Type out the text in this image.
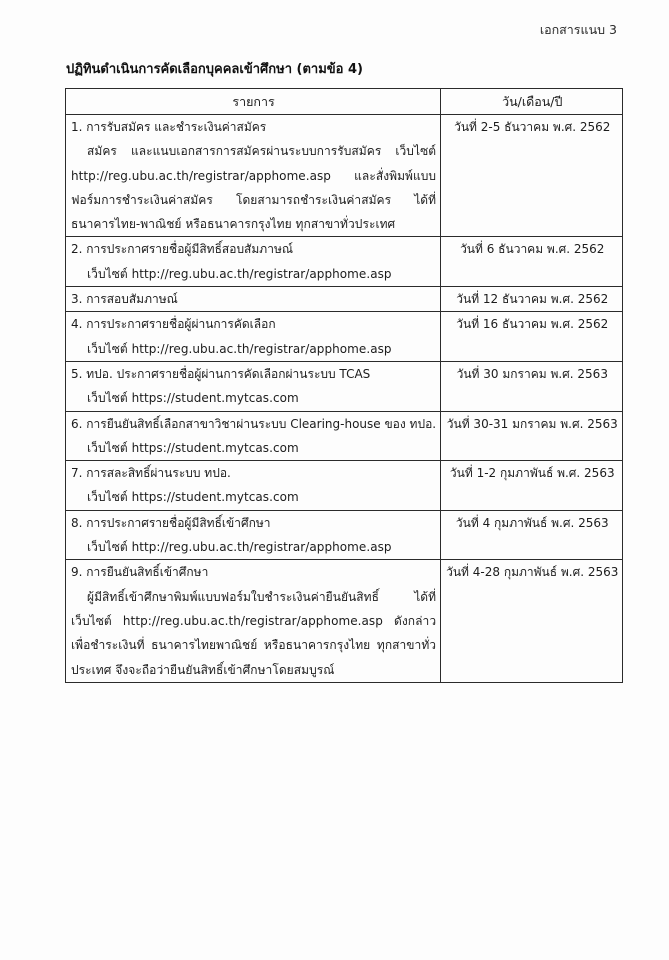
เอกสารแนบ 3
ปฏิทินดำเนินการคัดเลือกบุคคลเข้าศึกษา (ตามข้อ 4)
รายการ	วัน/เดือน/ปี

1. การรับสมัคร และชำระเงินค่าสมัคร
สมัคร และแนบเอกสารการสมัครผ่านระบบการรับสมัคร เว็บไซต์ http://reg.ubu.ac.th/registrar/apphome.asp และสั่งพิมพ์แบบฟอร์มการชำระเงินค่าสมัคร โดยสามารถชำระเงินค่าสมัคร ได้ที่ ธนาคารไทย-พาณิชย์ หรือธนาคารกรุงไทย ทุกสาขาทั่วประเทศ	วันที่ 2-5 ธันวาคม พ.ศ. 2562

2. การประกาศรายชื่อผู้มีสิทธิ์สอบสัมภาษณ์
เว็บไซต์ http://reg.ubu.ac.th/registrar/apphome.asp	วันที่ 6 ธันวาคม พ.ศ. 2562

3. การสอบสัมภาษณ์	วันที่ 12 ธันวาคม พ.ศ. 2562

4. การประกาศรายชื่อผู้ผ่านการคัดเลือก
เว็บไซต์ http://reg.ubu.ac.th/registrar/apphome.asp	วันที่ 16 ธันวาคม พ.ศ. 2562

5. ทปอ. ประกาศรายชื่อผู้ผ่านการคัดเลือกผ่านระบบ TCAS
เว็บไซต์ https://student.mytcas.com	วันที่ 30 มกราคม พ.ศ. 2563

6. การยืนยันสิทธิ์เลือกสาขาวิชาผ่านระบบ Clearing-house ของ ทปอ.
เว็บไซต์ https://student.mytcas.com	วันที่ 30-31 มกราคม พ.ศ. 2563

7. การสละสิทธิ์ผ่านระบบ ทปอ.
เว็บไซต์ https://student.mytcas.com	วันที่ 1-2 กุมภาพันธ์ พ.ศ. 2563

8. การประกาศรายชื่อผู้มีสิทธิ์เข้าศึกษา
เว็บไซต์ http://reg.ubu.ac.th/registrar/apphome.asp	วันที่ 4 กุมภาพันธ์ พ.ศ. 2563

9. การยืนยันสิทธิ์เข้าศึกษา
ผู้มีสิทธิ์เข้าศึกษาพิมพ์แบบฟอร์มใบชำระเงินค่ายืนยันสิทธิ์ ได้ที่ เว็บไซต์ http://reg.ubu.ac.th/registrar/apphome.asp ดังกล่าวเพื่อชำระเงินที่ ธนาคารไทยพาณิชย์ หรือธนาคารกรุงไทย ทุกสาขาทั่วประเทศ จึงจะถือว่ายืนยันสิทธิ์เข้าศึกษาโดยสมบูรณ์	วันที่ 4-28 กุมภาพันธ์ พ.ศ. 2563
